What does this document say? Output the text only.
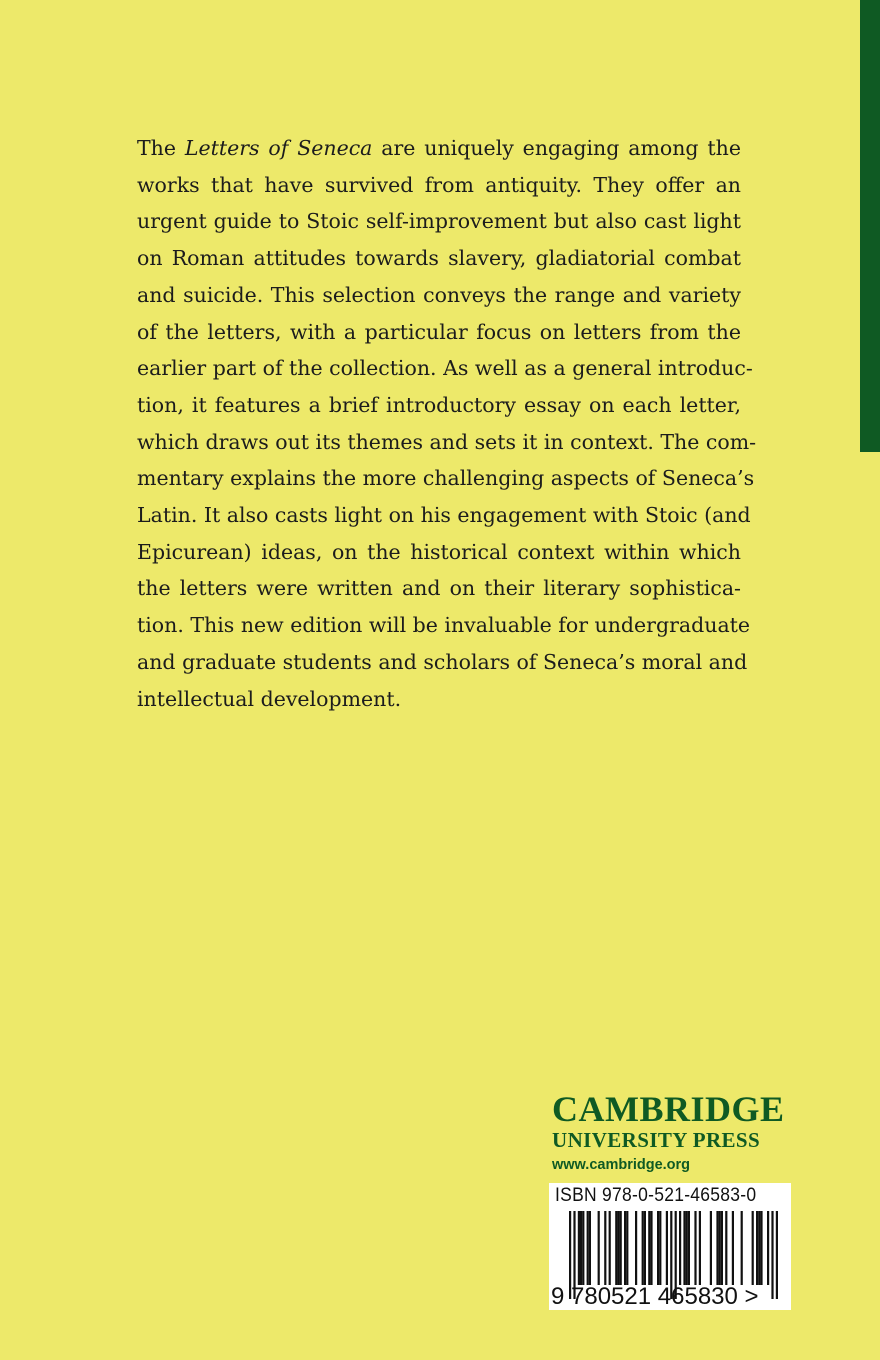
The Letters of Seneca are uniquely engaging among the
works that have survived from antiquity. They offer an
urgent guide to Stoic self-improvement but also cast light
on Roman attitudes towards slavery, gladiatorial combat
and suicide. This selection conveys the range and variety
of the letters, with a particular focus on letters from the
earlier part of the collection. As well as a general introduc-
tion, it features a brief introductory essay on each letter,
which draws out its themes and sets it in context. The com-
mentary explains the more challenging aspects of Seneca’s
Latin. It also casts light on his engagement with Stoic (and
Epicurean) ideas, on the historical context within which
the letters were written and on their literary sophistica-
tion. This new edition will be invaluable for undergraduate
and graduate students and scholars of Seneca’s moral and
intellectual development.
CAMBRIDGE
UNIVERSITY PRESS
www.cambridge.org
ISBN 978-0-521-46583-0
9 780521 465830 >
